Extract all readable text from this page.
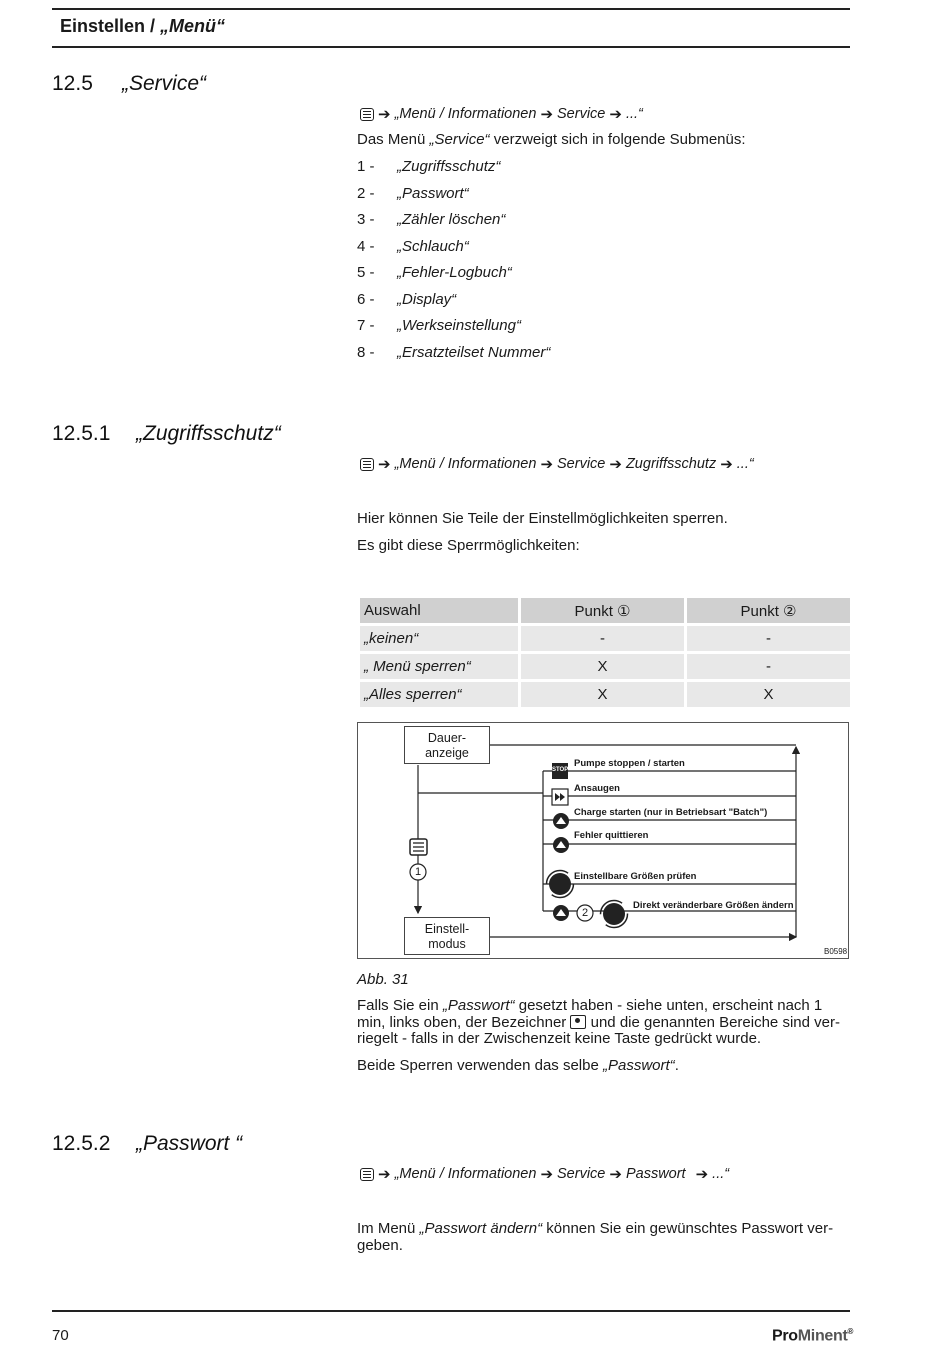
Einstellen / „Menü“
12.5 „Service“
➔ „Menü / Informationen ➔ Service ➔ ...“
Das Menü „Service“ verzweigt sich in folgende Submenüs:
1 -	„Zugriffsschutz“
2 -	„Passwort“
3 -	„Zähler löschen“
4 -	„Schlauch“
5 -	„Fehler-Logbuch“
6 -	„Display“
7 -	„Werkseinstellung“
8 -	„Ersatzteilset Nummer“
12.5.1 „Zugriffsschutz“
➔ „Menü / Informationen ➔ Service ➔ Zugriffsschutz ➔ ...“
Hier können Sie Teile der Einstellmöglichkeiten sperren.
Es gibt diese Sperrmöglichkeiten:
Auswahl	Punkt ①	Punkt ②
„keinen“	-	-
„ Menü sperren“	X	-
„Alles sperren“	X	X
Dauer-
anzeige
Einstell-
modus
STOP
1
2
Pumpe stoppen / starten
Ansaugen
Charge starten (nur in Betriebsart "Batch")
Fehler quittieren
Einstellbare Größen prüfen
Direkt veränderbare Größen ändern
B0598
Abb. 31
Falls Sie ein „Passwort“ gesetzt haben - siehe unten, erscheint nach 1 min, links oben, der Bezeichner  und die genannten Bereiche sind verriegelt - falls in der Zwischenzeit keine Taste gedrückt wurde.
Beide Sperren verwenden das selbe „Passwort“.
12.5.2 „Passwort “
➔ „Menü / Informationen ➔ Service ➔ Passwort ➔ ...“
Im Menü „Passwort ändern“ können Sie ein gewünschtes Passwort vergeben.
70	ProMinent®
